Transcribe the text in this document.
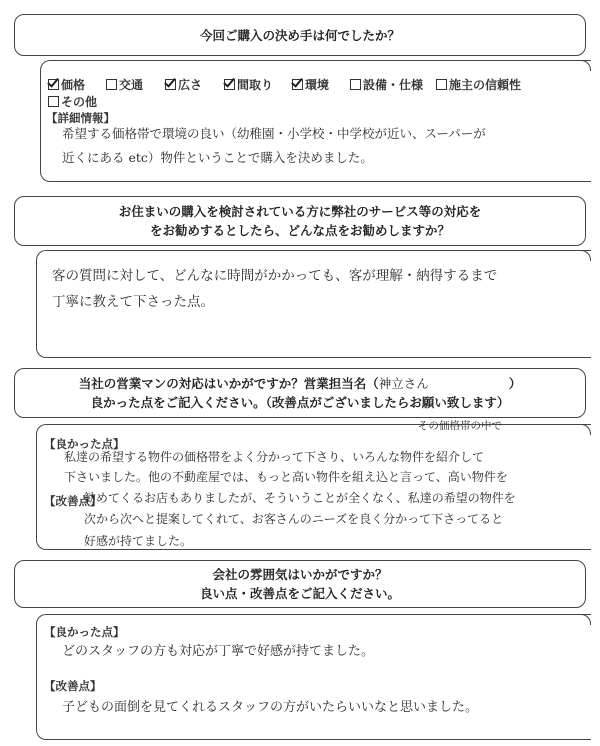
今回ご購入の決め手は何でしたか？
価格	交通	広さ	間取り	環境	設備・仕様	施主の信頼性
その他
【詳細情報】
希望する価格帯で環境の良い（幼稚園・小学校・中学校が近い、スーパーが
近くにある etc）物件ということで購入を決めました。
お住まいの購入を検討されている方に弊社のサービス等の対応を
をお勧めするとしたら、どんな点をお勧めしますか？
客の質問に対して、どんなに時間がかかっても、客が理解・納得するまで
丁寧に教えて下さった点。
当社の営業マンの対応はいかがですか？営業担当名（神立さん	）
良かった点をご記入ください。（改善点がございましたらお願い致します）
【良かった点】
【改善点】
その価格帯の中で
私達の希望する物件の価格帯をよく分かって下さり、いろんな物件を紹介して
下さいました。他の不動産屋では、もっと高い物件を組え込と言って、高い物件を
勧めてくるお店もありましたが、そういうことが全くなく、私達の希望の物件を
次から次へと提案してくれて、お客さんのニーズを良く分かって下さってると
好感が持てました。
会社の雰囲気はいかがですか？
良い点・改善点をご記入ください。
【良かった点】
どのスタッフの方も対応が丁寧で好感が持てました。
【改善点】
子どもの面倒を見てくれるスタッフの方がいたらいいなと思いました。
